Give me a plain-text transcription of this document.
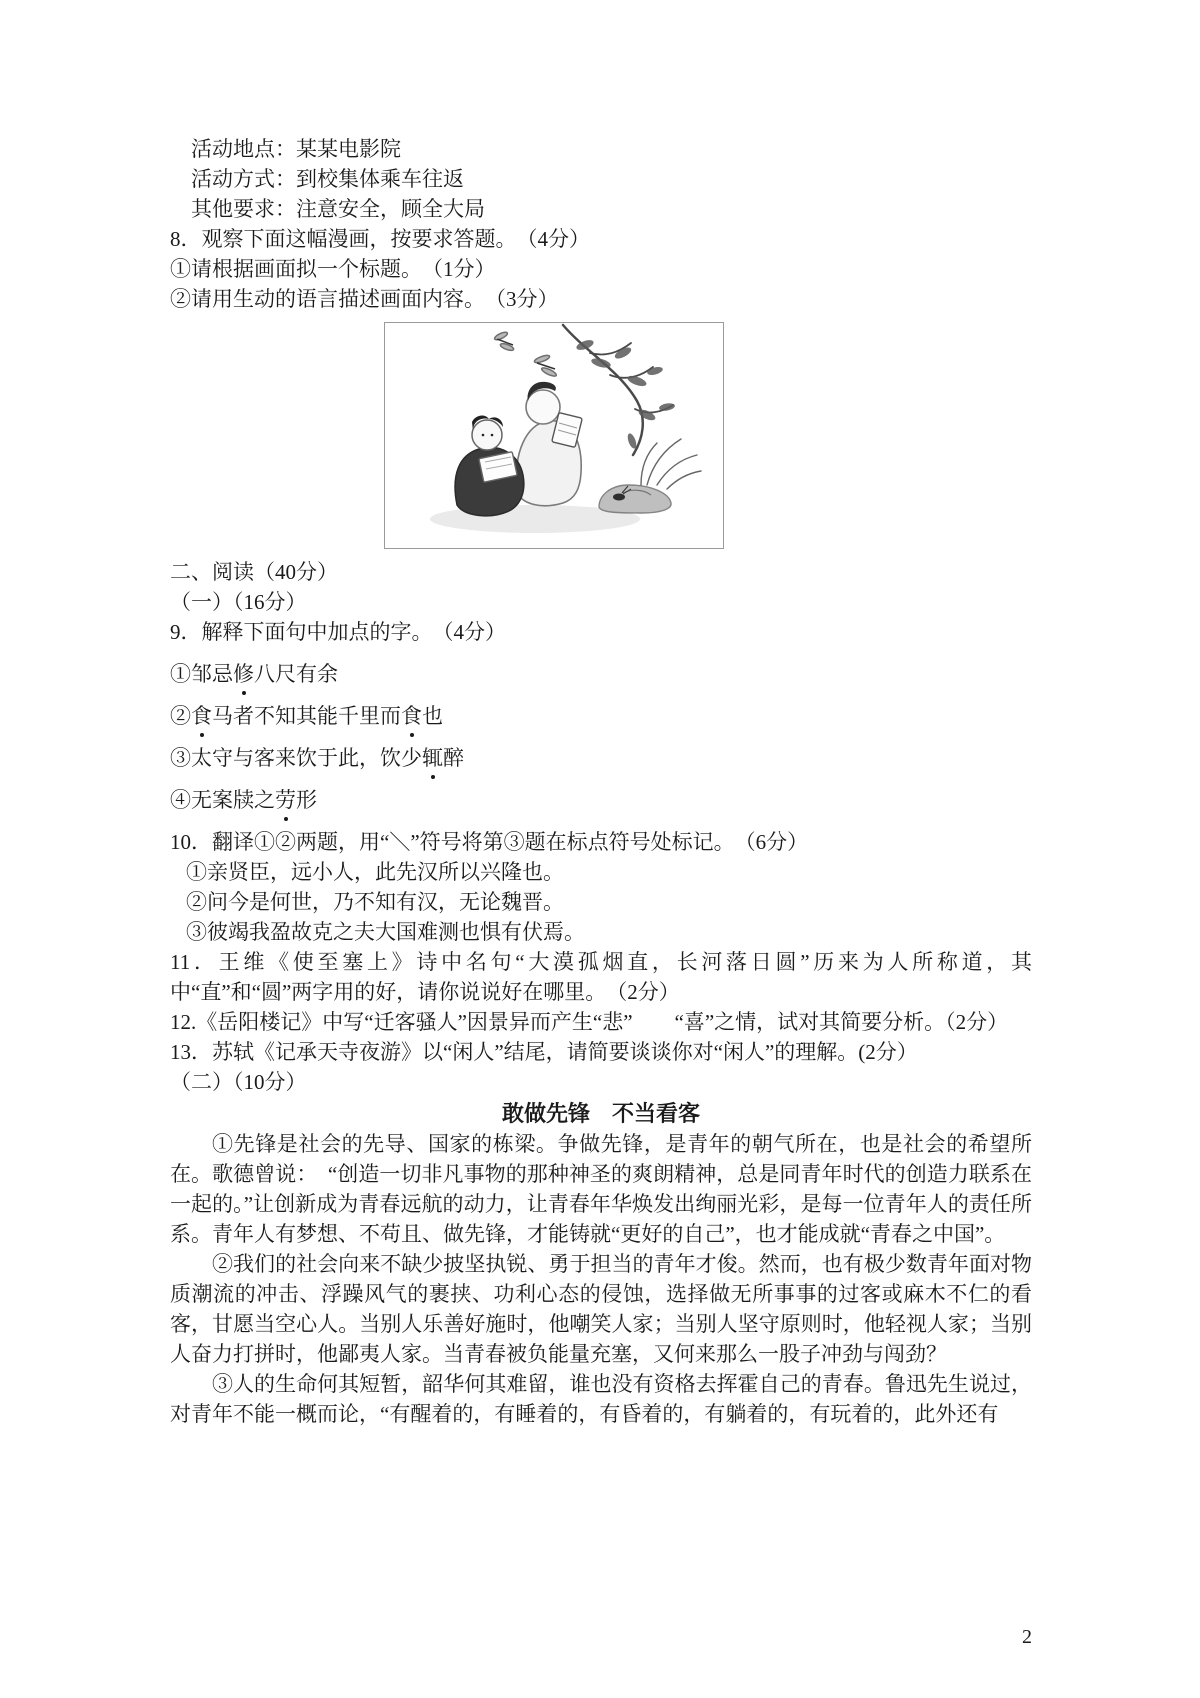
活动地点：某某电影院
活动方式：到校集体乘车往返
其他要求：注意安全，顾全大局
8．观察下面这幅漫画，按要求答题。　（4分）
①请根据画面拟一个标题。　（1分）
②请用生动的语言描述画面内容。　（3分）
二、阅读（40分）
（一）（16分）
9．解释下面句中加点的字。　（4分）
①邹忌修八尺有余
②食马者不知其能千里而食也
③太守与客来饮于此，饮少辄醉
④无案牍之劳形
10．翻译①②两题，用“＼”符号将第③题在标点符号处标记。　（6分）
①亲贤臣，远小人，此先汉所以兴隆也。
②问今是何世，乃不知有汉，无论魏晋。
③彼竭我盈故克之夫大国难测也惧有伏焉。
11．王维《使至塞上》诗中名句“大漠孤烟直，长河落日圆”历来为人所称道，其中“直”和“圆”两字用的好，请你说说好在哪里。　（2分）
12.《岳阳楼记》中写“迁客骚人”因景异而产生“悲”　　“喜”之情，试对其简要分析。（2分）
13．苏轼《记承天寺夜游》以“闲人”结尾，请简要谈谈你对“闲人”的理解。(2分）
（二）（10分）
敢做先锋　不当看客
①先锋是社会的先导、国家的栋梁。争做先锋，是青年的朝气所在，也是社会的希望所在。歌德曾说：　“创造一切非凡事物的那种神圣的爽朗精神，总是同青年时代的创造力联系在一起的。”让创新成为青春远航的动力，让青春年华焕发出绚丽光彩，是每一位青年人的责任所系。青年人有梦想、不苟且、做先锋，才能铸就“更好的自己”，也才能成就“青春之中国”。
②我们的社会向来不缺少披坚执锐、勇于担当的青年才俊。然而，也有极少数青年面对物质潮流的冲击、浮躁风气的裹挟、功利心态的侵蚀，选择做无所事事的过客或麻木不仁的看客，甘愿当空心人。当别人乐善好施时，他嘲笑人家；当别人坚守原则时，他轻视人家；当别人奋力打拼时，他鄙夷人家。当青春被负能量充塞，又何来那么一股子冲劲与闯劲？
③人的生命何其短暂，韶华何其难留，谁也没有资格去挥霍自己的青春。鲁迅先生说过，对青年不能一概而论，“有醒着的，有睡着的，有昏着的，有躺着的，有玩着的，此外还有
2
